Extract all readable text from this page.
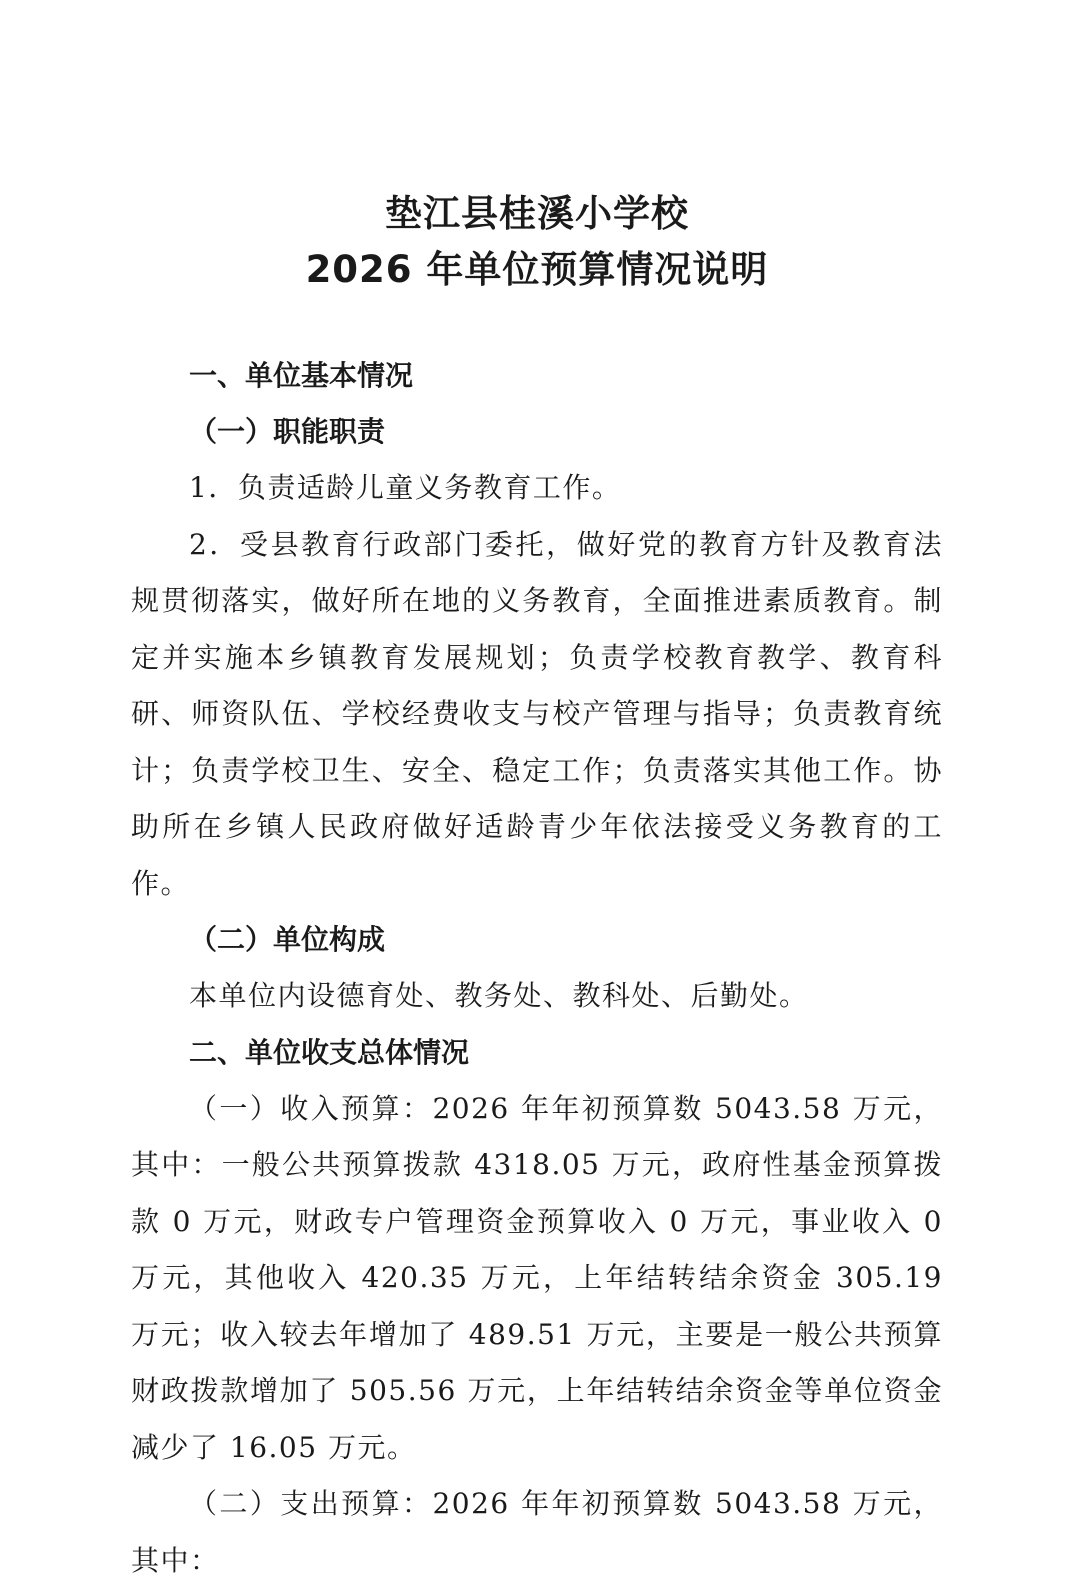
垫江县桂溪小学校
2026 年单位预算情况说明
一、单位基本情况
（一）职能职责
1．负责适龄儿童义务教育工作。
2．受县教育行政部门委托，做好党的教育方针及教育法规贯彻落实，做好所在地的义务教育，全面推进素质教育。制定并实施本乡镇教育发展规划；负责学校教育教学、教育科研、师资队伍、学校经费收支与校产管理与指导；负责教育统计；负责学校卫生、安全、稳定工作；负责落实其他工作。协助所在乡镇人民政府做好适龄青少年依法接受义务教育的工作。
（二）单位构成
本单位内设德育处、教务处、教科处、后勤处。
二、单位收支总体情况
（一）收入预算：2026 年年初预算数 5043.58 万元，其中：一般公共预算拨款 4318.05 万元，政府性基金预算拨款 0 万元，财政专户管理资金预算收入 0 万元，事业收入 0 万元，其他收入 420.35 万元，上年结转结余资金 305.19 万元；收入较去年增加了 489.51 万元，主要是一般公共预算财政拨款增加了 505.56 万元，上年结转结余资金等单位资金减少了 16.05 万元。
（二）支出预算：2026 年年初预算数 5043.58 万元，其中：
